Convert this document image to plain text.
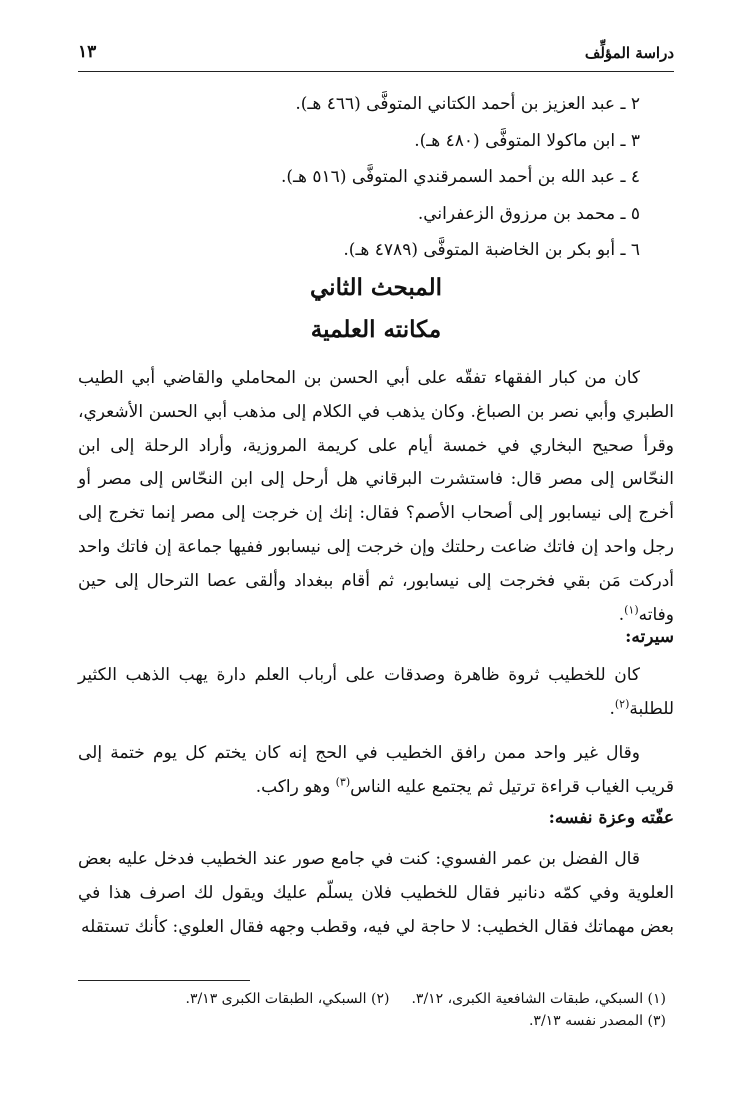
دراسة المؤلِّف
١٣
٢ ـ عبد العزيز بن أحمد الكتاني المتوفَّى (٤٦٦ هـ).
٣ ـ ابن ماكولا المتوفَّى (٤٨٠ هـ).
٤ ـ عبد الله بن أحمد السمرقندي المتوفَّى (٥١٦ هـ).
٥ ـ محمد بن مرزوق الزعفراني.
٦ ـ أبو بكر بن الخاضبة المتوفَّى (٤٧٨٩ هـ).
المبحث الثاني
مكانته العلمية

كان من كبار الفقهاء تفقّه على أبي الحسن بن المحاملي والقاضي أبي الطيب الطبري وأبي نصر بن الصباغ. وكان يذهب في الكلام إلى مذهب أبي الحسن الأشعري، وقرأ صحيح البخاري في خمسة أيام على كريمة المروزية، وأراد الرحلة إلى ابن النحّاس إلى مصر قال: فاستشرت البرقاني هل أرحل إلى ابن النحّاس إلى مصر أو أخرج إلى نيسابور إلى أصحاب الأصم؟ فقال: إنك إن خرجت إلى مصر إنما تخرج إلى رجل واحد إن فاتك ضاعت رحلتك وإن خرجت إلى نيسابور ففيها جماعة إن فاتك واحد أدركت مَن بقي فخرجت إلى نيسابور، ثم أقام ببغداد وألقى عصا الترحال إلى حين وفاته$^{(١)}$.

سيرته:

كان للخطيب ثروة ظاهرة وصدقات على أرباب العلم دارة يهب الذهب الكثير للطلبة$^{(٢)}$.

وقال غير واحد ممن رافق الخطيب في الحج إنه كان يختم كل يوم ختمة إلى قريب الغياب قراءة ترتيل ثم يجتمع عليه الناس$^{(٣)}$ وهو راكب.

عفّته وعزة نفسه:

قال الفضل بن عمر الفسوي: كنت في جامع صور عند الخطيب فدخل عليه بعض العلوية وفي كمّه دنانير فقال للخطيب فلان يسلّم عليك ويقول لك اصرف هذا في بعض مهماتك فقال الخطيب: لا حاجة لي فيه، وقطب وجهه فقال العلوي: كأنك تستقله

(١) السبكي، طبقات الشافعية الكبرى، ٣/١٢.(٢) السبكي، الطبقات الكبرى ٣/١٣.
(٣) المصدر نفسه ٣/١٣.
